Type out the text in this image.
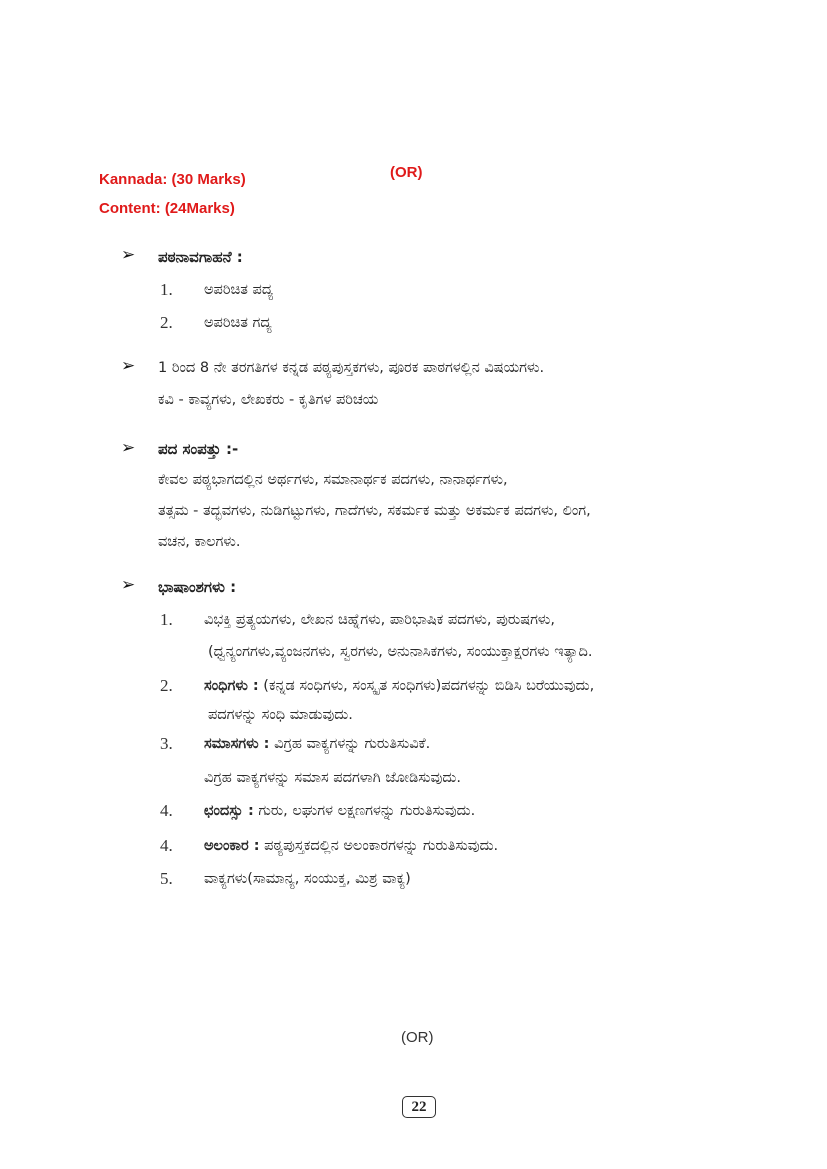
(OR)
Kannada: (30 Marks)
Content: (24Marks)
➢ ಪಠನಾವಗಾಹನೆ :
1. ಅಪರಿಚಿತ ಪದ್ಯ
2. ಅಪರಿಚಿತ ಗದ್ಯ
➢ 1 ರಿಂದ 8 ನೇ ತರಗತಿಗಳ ಕನ್ನಡ ಪಠ್ಯಪುಸ್ತಕಗಳು, ಪೂರಕ ಪಾಠಗಳಲ್ಲಿನ ವಿಷಯಗಳು.
ಕವಿ - ಕಾವ್ಯಗಳು, ಲೇಖಕರು - ಕೃತಿಗಳ ಪರಿಚಯ
➢ ಪದ ಸಂಪತ್ತು :-
ಕೇವಲ ಪಠ್ಯಭಾಗದಲ್ಲಿನ ಅರ್ಥಗಳು, ಸಮಾನಾರ್ಥಕ ಪದಗಳು, ನಾನಾರ್ಥಗಳು,
ತತ್ಸಮ - ತದ್ಭವಗಳು, ನುಡಿಗಟ್ಟುಗಳು, ಗಾದೆಗಳು, ಸಕರ್ಮಕ ಮತ್ತು ಅಕರ್ಮಕ ಪದಗಳು, ಲಿಂಗ,
ವಚನ, ಕಾಲಗಳು.
➢ ಭಾಷಾಂಶಗಳು :
1. ವಿಭಕ್ತಿ ಪ್ರತ್ಯಯಗಳು, ಲೇಖನ ಚಿಹ್ನೆಗಳು, ಪಾರಿಭಾಷಿಕ ಪದಗಳು, ಪುರುಷಗಳು,
(ಧ್ವನ್ಯಂಗಗಳು,ವ್ಯಂಜನಗಳು, ಸ್ವರಗಳು, ಅನುನಾಸಿಕಗಳು, ಸಂಯುಕ್ತಾಕ್ಷರಗಳು ಇತ್ಯಾದಿ.
2. ಸಂಧಿಗಳು : (ಕನ್ನಡ ಸಂಧಿಗಳು, ಸಂಸ್ಕೃತ ಸಂಧಿಗಳು)ಪದಗಳನ್ನು ಬಿಡಿಸಿ ಬರೆಯುವುದು,
ಪದಗಳನ್ನು ಸಂಧಿ ಮಾಡುವುದು.
3. ಸಮಾಸಗಳು : ವಿಗ್ರಹ ವಾಕ್ಯಗಳನ್ನು ಗುರುತಿಸುವಿಕೆ.
ವಿಗ್ರಹ ವಾಕ್ಯಗಳನ್ನು ಸಮಾಸ ಪದಗಳಾಗಿ ಜೋಡಿಸುವುದು.
4. ಛಂದಸ್ಸು : ಗುರು, ಲಘುಗಳ ಲಕ್ಷಣಗಳನ್ನು ಗುರುತಿಸುವುದು.
4. ಅಲಂಕಾರ : ಪಠ್ಯಪುಸ್ತಕದಲ್ಲಿನ ಅಲಂಕಾರಗಳನ್ನು ಗುರುತಿಸುವುದು.
5. ವಾಕ್ಯಗಳು(ಸಾಮಾನ್ಯ, ಸಂಯುಕ್ತ, ಮಿಶ್ರ ವಾಕ್ಯ)
(OR)
22
